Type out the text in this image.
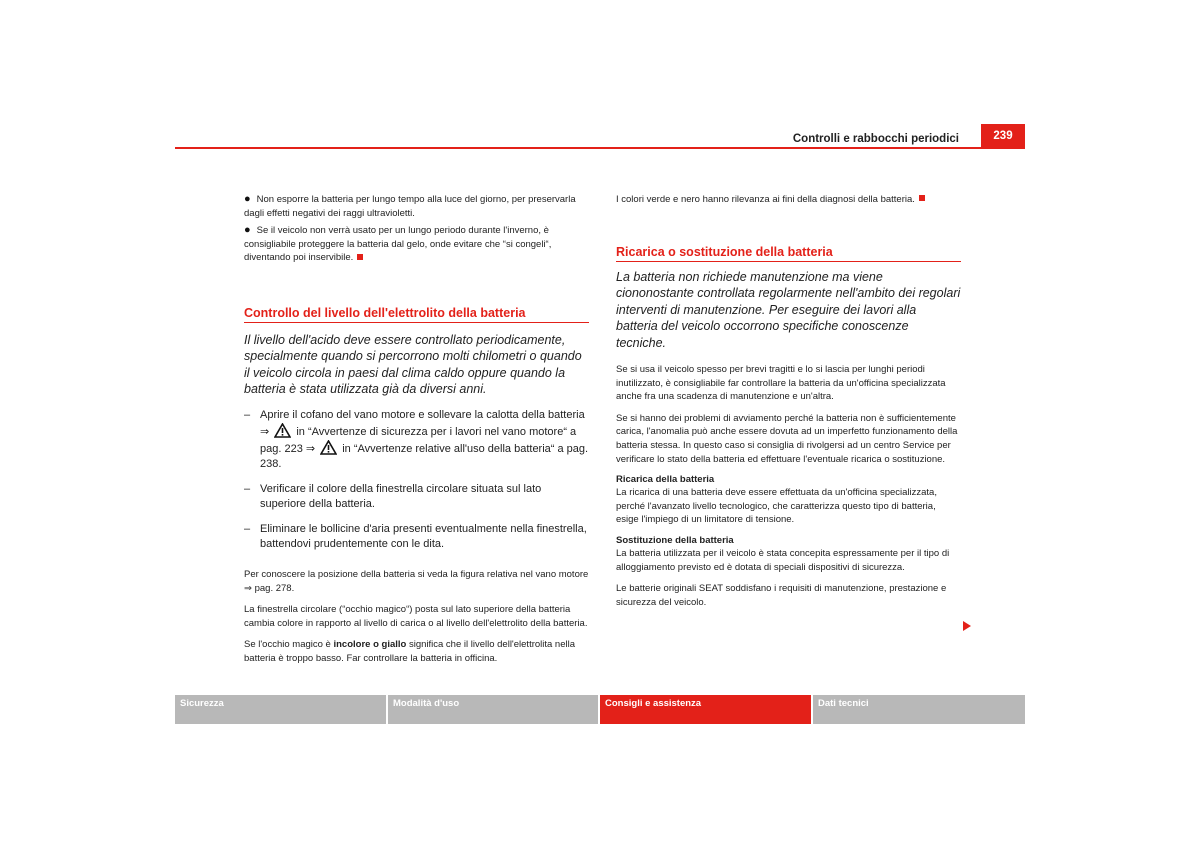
Controlli e rabbocchi periodici	239

● Non esporre la batteria per lungo tempo alla luce del giorno, per preservarla dagli effetti negativi dei raggi ultravioletti.

● Se il veicolo non verrà usato per un lungo periodo durante l'inverno, è consigliabile proteggere la batteria dal gelo, onde evitare che “si congeli“, diventando poi inservibile.

Controllo del livello dell'elettrolito della batteria

Il livello dell'acido deve essere controllato periodicamente, specialmente quando si percorrono molti chilometri o quando il veicolo circola in paesi dal clima caldo oppure quando la batteria è stata utilizzata già da diversi anni.

– Aprire il cofano del vano motore e sollevare la calotta della batteria ⇒ in “Avvertenze di sicurezza per i lavori nel vano motore“ a pag. 223 ⇒ in “Avvertenze relative all'uso della batteria“ a pag. 238.

– Verificare il colore della finestrella circolare situata sul lato superiore della batteria.

– Eliminare le bollicine d'aria presenti eventualmente nella finestrella, battendovi prudentemente con le dita.

Per conoscere la posizione della batteria si veda la figura relativa nel vano motore ⇒ pag. 278.

La finestrella circolare (“occhio magico“) posta sul lato superiore della batteria cambia colore in rapporto al livello di carica o al livello dell'elettrolito della batteria.

Se l'occhio magico è incolore o giallo significa che il livello dell'elettrolita nella batteria è troppo basso. Far controllare la batteria in officina.

I colori verde e nero hanno rilevanza ai fini della diagnosi della batteria.

Ricarica o sostituzione della batteria

La batteria non richiede manutenzione ma viene ciononostante controllata regolarmente nell'ambito dei regolari interventi di manutenzione. Per eseguire dei lavori alla batteria del veicolo occorrono specifiche conoscenze tecniche.

Se si usa il veicolo spesso per brevi tragitti e lo si lascia per lunghi periodi inutilizzato, è consigliabile far controllare la batteria da un'officina specializzata anche fra una scadenza di manutenzione e un'altra.

Se si hanno dei problemi di avviamento perché la batteria non è sufficientemente carica, l'anomalia può anche essere dovuta ad un imperfetto funzionamento della batteria stessa. In questo caso si consiglia di rivolgersi ad un centro Service per verificare lo stato della batteria ed effettuare l'eventuale ricarica o sostituzione.

Ricarica della batteria

La ricarica di una batteria deve essere effettuata da un'officina specializzata, perché l'avanzato livello tecnologico, che caratterizza questo tipo di batteria, esige l'impiego di un limitatore di tensione.

Sostituzione della batteria

La batteria utilizzata per il veicolo è stata concepita espressamente per il tipo di alloggiamento previsto ed è dotata di speciali dispositivi di sicurezza.

Le batterie originali SEAT soddisfano i requisiti di manutenzione, prestazione e sicurezza del veicolo.

Sicurezza	Modalità d'uso	Consigli e assistenza	Dati tecnici
